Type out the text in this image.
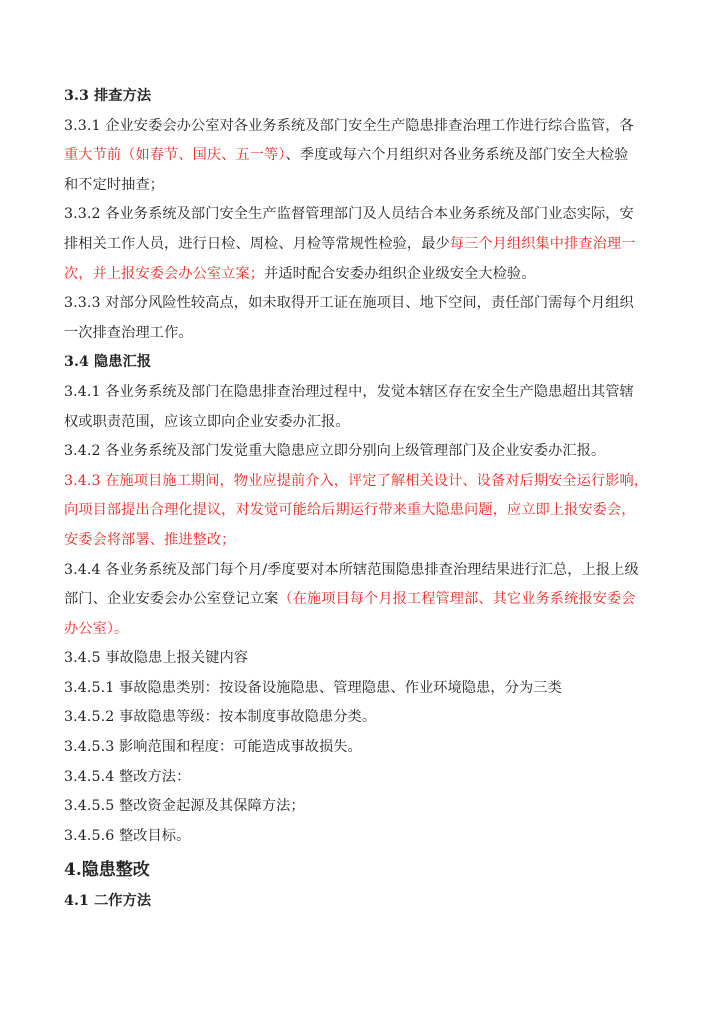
3.3 排查方法
3.3.1 企业安委会办公室对各业务系统及部门安全生产隐患排查治理工作进行综合监管，各
重大节前（如春节、国庆、五一等）、季度或每六个月组织对各业务系统及部门安全大检验
和不定时抽查；
3.3.2 各业务系统及部门安全生产监督管理部门及人员结合本业务系统及部门业态实际，安
排相关工作人员，进行日检、周检、月检等常规性检验，最少每三个月组织集中排查治理一
次，并上报安委会办公室立案；并适时配合安委办组织企业级安全大检验。
3.3.3 对部分风险性较高点，如未取得开工证在施项目、地下空间，责任部门需每个月组织
一次排查治理工作。
3.4 隐患汇报
3.4.1 各业务系统及部门在隐患排查治理过程中，发觉本辖区存在安全生产隐患超出其管辖
权或职责范围，应该立即向企业安委办汇报。
3.4.2 各业务系统及部门发觉重大隐患应立即分别向上级管理部门及企业安委办汇报。
3.4.3 在施项目施工期间，物业应提前介入，评定了解相关设计、设备对后期安全运行影响，
向项目部提出合理化提议，对发觉可能给后期运行带来重大隐患问题，应立即上报安委会，
安委会将部署、推进整改；
3.4.4 各业务系统及部门每个月/季度要对本所辖范围隐患排查治理结果进行汇总，上报上级
部门、企业安委会办公室登记立案（在施项目每个月报工程管理部、其它业务系统报安委会
办公室）。
3.4.5 事故隐患上报关键内容
3.4.5.1 事故隐患类别：按设备设施隐患、管理隐患、作业环境隐患，分为三类
3.4.5.2 事故隐患等级：按本制度事故隐患分类。
3.4.5.3 影响范围和程度：可能造成事故损失。
3.4.5.4 整改方法：
3.4.5.5 整改资金起源及其保障方法；
3.4.5.6 整改目标。
4.隐患整改
4.1 二作方法
